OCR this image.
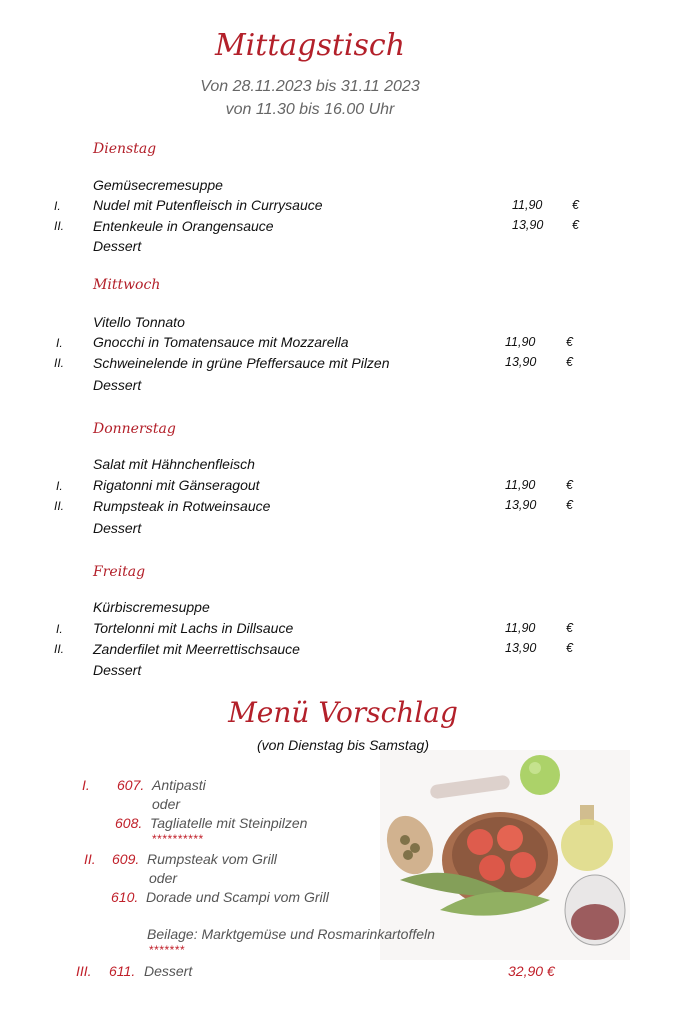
Mittagstisch
Von 28.11.2023 bis 31.11 2023
von 11.30 bis 16.00 Uhr
Dienstag
Gemüsecremesuppe
I. Nudel mit Putenfleisch in Currysauce	11,90 €
II. Entenkeule in Orangensauce	13,90 €
Dessert
Mittwoch
Vitello Tonnato
I. Gnocchi in Tomatensauce mit Mozzarella	11,90 €
II. Schweinelende in grüne Pfeffersauce mit Pilzen	13,90 €
Dessert
Donnerstag
Salat mit Hähnchenfleisch
I. Rigatonni mit Gänseragout	11,90 €
II. Rumpsteak in Rotweinsauce	13,90 €
Dessert
Freitag
Kürbiscremesuppe
I. Tortelonni mit Lachs in Dillsauce	11,90 €
II. Zanderfilet mit Meerrettischsauce	13,90 €
Dessert
Menü Vorschlag
(von Dienstag bis Samstag)
I. 607. Antipasti
oder
608. Tagliatelle mit Steinpilzen
**********
II. 609. Rumpsteak vom Grill
oder
610. Dorade und Scampi vom Grill
Beilage: Marktgemüse und Rosmarinkartoffeln
*******
III. 611. Dessert	32,90 €
